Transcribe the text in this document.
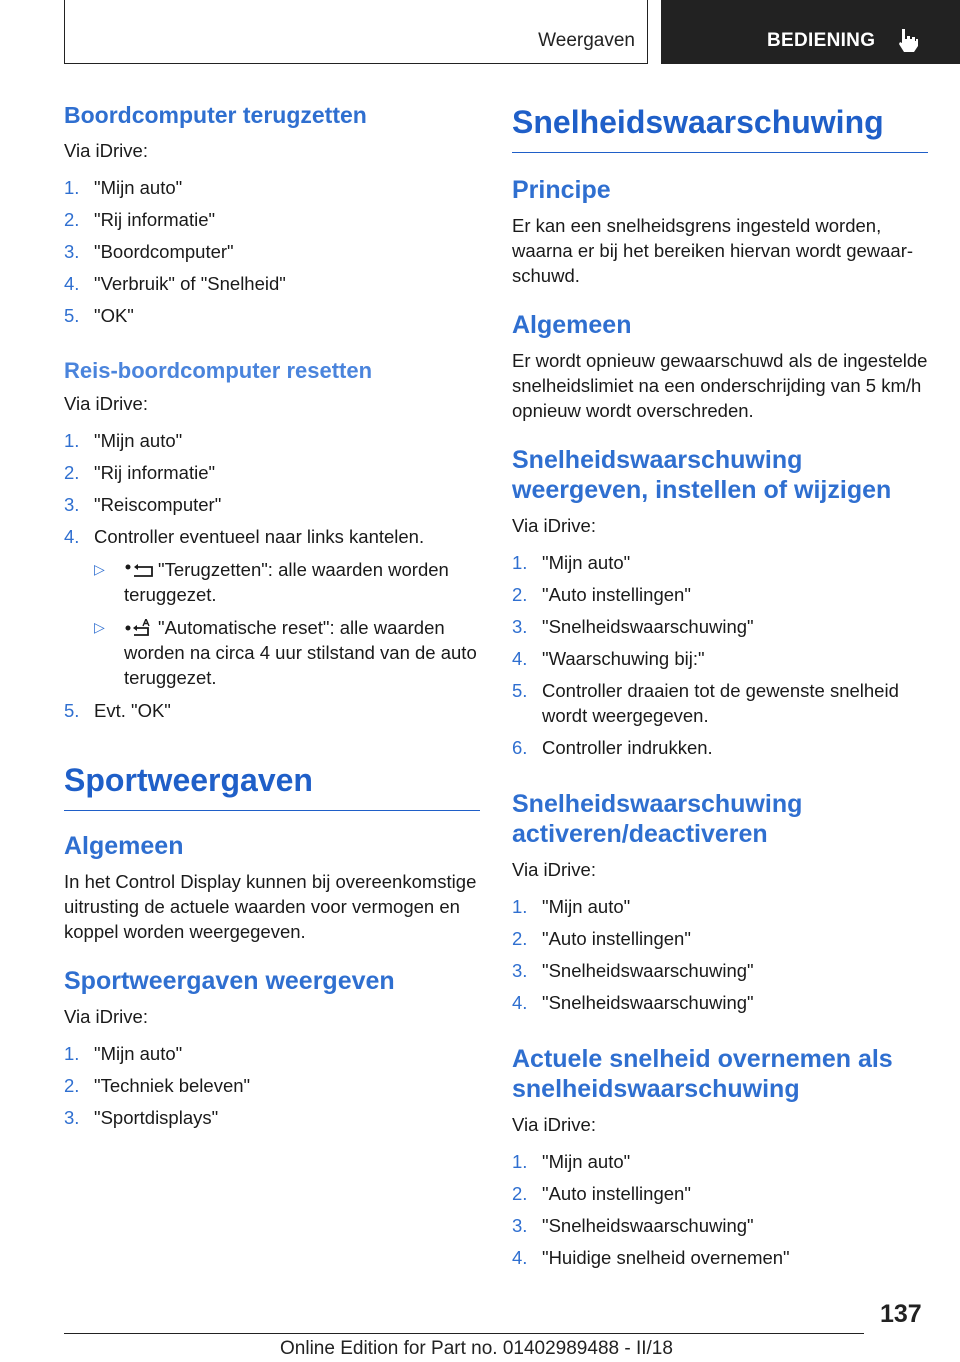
Weergaven	BEDIENING
Boordcomputer terugzetten

Via iDrive:

1. "Mijn auto"
2. "Rij informatie"
3. "Boordcomputer"
4. "Verbruik" of "Snelheid"
5. "OK"
Reis-boordcomputer resetten

Via iDrive:

1. "Mijn auto"
2. "Rij informatie"
3. "Reiscomputer"
4. Controller eventueel naar links kantelen.
▷	"Terugzetten": alle waarden worden teruggezet.
▷	"Automatische reset": alle waarden worden na circa 4 uur stilstand van de auto teruggezet.
5. Evt. "OK"
Sportweergaven
Algemeen

In het Control Display kunnen bij overeenkomstige uitrusting de actuele waarden voor vermogen en koppel worden weergegeven.

Sportweergaven weergeven

Via iDrive:

1. "Mijn auto"
2. "Techniek beleven"
3. "Sportdisplays"
Snelheidswaarschuwing
Principe

Er kan een snelheidsgrens ingesteld worden, waarna er bij het bereiken hiervan wordt gewaarschuwd.

Algemeen

Er wordt opnieuw gewaarschuwd als de ingestelde snelheidslimiet na een onderschrijding van 5 km/h opnieuw wordt overschreden.

Snelheidswaarschuwing weergeven, instellen of wijzigen

Via iDrive:

1. "Mijn auto"
2. "Auto instellingen"
3. "Snelheidswaarschuwing"
4. "Waarschuwing bij:"
5. Controller draaien tot de gewenste snelheid wordt weergegeven.
6. Controller indrukken.
Snelheidswaarschuwing activeren/deactiveren

Via iDrive:

1. "Mijn auto"
2. "Auto instellingen"
3. "Snelheidswaarschuwing"
4. "Snelheidswaarschuwing"
Actuele snelheid overnemen als snelheidswaarschuwing

Via iDrive:

1. "Mijn auto"
2. "Auto instellingen"
3. "Snelheidswaarschuwing"
4. "Huidige snelheid overnemen"
137
Online Edition for Part no. 01402989488 - II/18
